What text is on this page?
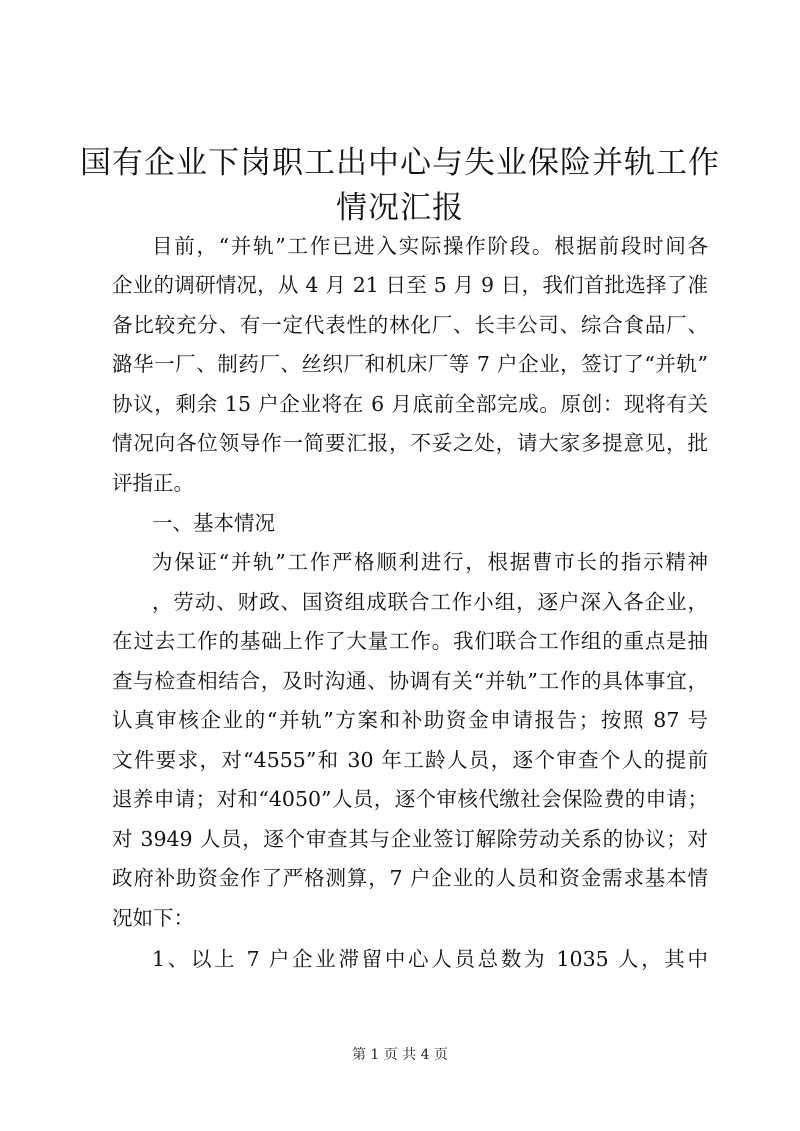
国有企业下岗职工出中心与失业保险并轨工作
情况汇报
目前，“并轨”工作已进入实际操作阶段。根据前段时间各
企业的调研情况，从 4 月 21 日至 5 月 9 日，我们首批选择了准
备比较充分、有一定代表性的林化厂、长丰公司、综合食品厂、
潞华一厂、制药厂、丝织厂和机床厂等 7 户企业，签订了“并轨”
协议，剩余 15 户企业将在 6 月底前全部完成。原创：现将有关
情况向各位领导作一简要汇报，不妥之处，请大家多提意见，批
评指正。
一、基本情况
为保证“并轨”工作严格顺利进行，根据曹市长的指示精神
，劳动、财政、国资组成联合工作小组，逐户深入各企业，
在过去工作的基础上作了大量工作。我们联合工作组的重点是抽
查与检查相结合，及时沟通、协调有关“并轨”工作的具体事宜，
认真审核企业的“并轨”方案和补助资金申请报告；按照 87 号
文件要求，对“4555”和 30 年工龄人员，逐个审查个人的提前
退养申请；对和“4050”人员，逐个审核代缴社会保险费的申请；
对 3949 人员，逐个审查其与企业签订解除劳动关系的协议；对
政府补助资金作了严格测算，7 户企业的人员和资金需求基本情
况如下：
1、以上 7 户企业滞留中心人员总数为 1035 人，其中
第 1 页 共 4 页
